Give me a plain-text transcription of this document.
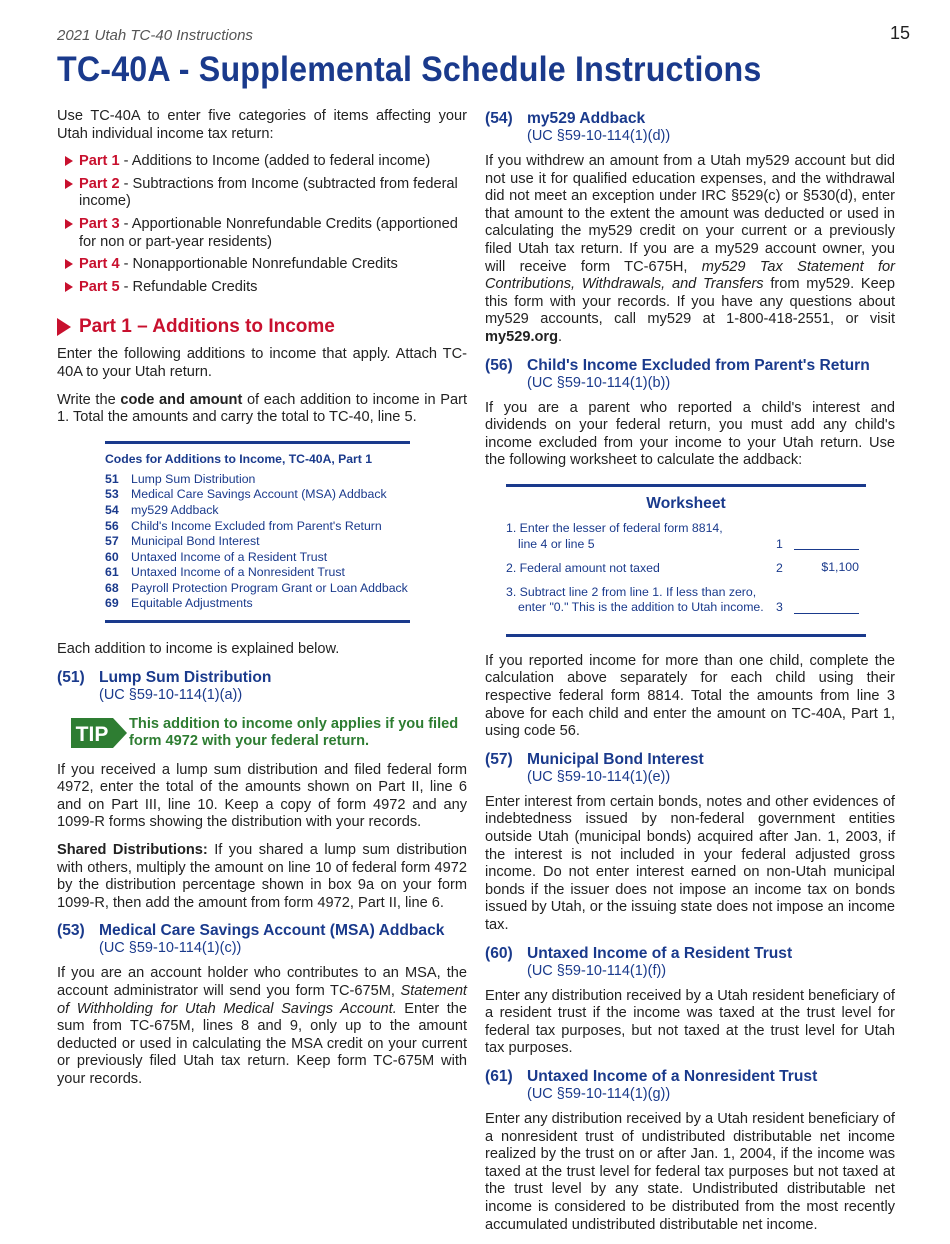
2021 Utah TC-40 Instructions	15
TC-40A - Supplemental Schedule Instructions

Use TC-40A to enter five categories of items affecting your Utah individual income tax return:

Part 1 - Additions to Income (added to federal income)
Part 2 - Subtractions from Income (subtracted from federal income)
Part 3 - Apportionable Nonrefundable Credits (apportioned for non or part-year residents)
Part 4 - Nonapportionable Nonrefundable Credits
Part 5 - Refundable Credits
Part 1 – Additions to Income

Enter the following additions to income that apply. Attach TC-40A to your Utah return.

Write the code and amount of each addition to income in Part 1. Total the amounts and carry the total to TC-40, line 5.

Codes for Additions to Income, TC-40A, Part 1
51	Lump Sum Distribution
53	Medical Care Savings Account (MSA) Addback
54	my529 Addback
56	Child's Income Excluded from Parent's Return
57	Municipal Bond Interest
60	Untaxed Income of a Resident Trust
61	Untaxed Income of a Nonresident Trust
68	Payroll Protection Program Grant or Loan Addback
69	Equitable Adjustments

Each addition to income is explained below.

(51) Lump Sum Distribution
(UC §59-10-114(1)(a))
TIP This addition to income only applies if you filed form 4972 with your federal return.

If you received a lump sum distribution and filed federal form 4972, enter the total of the amounts shown on Part II, line 6 and on Part III, line 10. Keep a copy of form 4972 and any 1099-R forms showing the distribution with your records.

Shared Distributions: If you shared a lump sum distribution with others, multiply the amount on line 10 of federal form 4972 by the distribution percentage shown in box 9a on your form 1099-R, then add the amount from form 4972, Part II, line 6.

(53) Medical Care Savings Account (MSA) Addback
(UC §59-10-114(1)(c))

If you are an account holder who contributes to an MSA, the account administrator will send you form TC-675M, Statement of Withholding for Utah Medical Savings Account. Enter the sum from TC-675M, lines 8 and 9, only up to the amount deducted or used in calculating the MSA credit on your current or previously filed Utah tax return. Keep form TC-675M with your records.

(54) my529 Addback
(UC §59-10-114(1)(d))

If you withdrew an amount from a Utah my529 account but did not use it for qualified education expenses, and the withdrawal did not meet an exception under IRC §529(c) or §530(d), enter that amount to the extent the amount was deducted or used in calculating the my529 credit on your current or a previously filed Utah tax return. If you are a my529 account owner, you will receive form TC-675H, my529 Tax Statement for Contributions, Withdrawals, and Transfers from my529. Keep this form with your records. If you have any questions about my529 accounts, call my529 at 1-800-418-2551, or visit my529.org.

(56) Child's Income Excluded from Parent's Return
(UC §59-10-114(1)(b))

If you are a parent who reported a child's interest and dividends on your federal return, you must add any child's income excluded from your income to your Utah return. Use the following worksheet to calculate the addback:

Worksheet
1. Enter the lesser of federal form 8814,
line 4 or line 5	1
2. Federal amount not taxed	2	$1,100
3. Subtract line 2 from line 1. If less than zero,
enter "0." This is the addition to Utah income. 3

If you reported income for more than one child, complete the calculation above separately for each child using their respective federal form 8814. Total the amounts from line 3 above for each child and enter the amount on TC-40A, Part 1, using code 56.

(57) Municipal Bond Interest
(UC §59-10-114(1)(e))

Enter interest from certain bonds, notes and other evidences of indebtedness issued by non-federal government entities outside Utah (municipal bonds) acquired after Jan. 1, 2003, if the interest is not included in your federal adjusted gross income. Do not enter interest earned on non-Utah municipal bonds if the issuer does not impose an income tax on bonds issued by Utah, or the issuing state does not impose an income tax.

(60) Untaxed Income of a Resident Trust
(UC §59-10-114(1)(f))

Enter any distribution received by a Utah resident beneficiary of a resident trust if the income was taxed at the trust level for federal tax purposes, but not taxed at the trust level for Utah tax purposes.

(61) Untaxed Income of a Nonresident Trust
(UC §59-10-114(1)(g))

Enter any distribution received by a Utah resident beneficiary of a nonresident trust of undistributed distributable net income realized by the trust on or after Jan. 1, 2004, if the income was taxed at the trust level for federal tax purposes but not taxed at the trust level by any state. Undistributed distributable net income is considered to be distributed from the most recently accumulated undistributed distributable net income.
